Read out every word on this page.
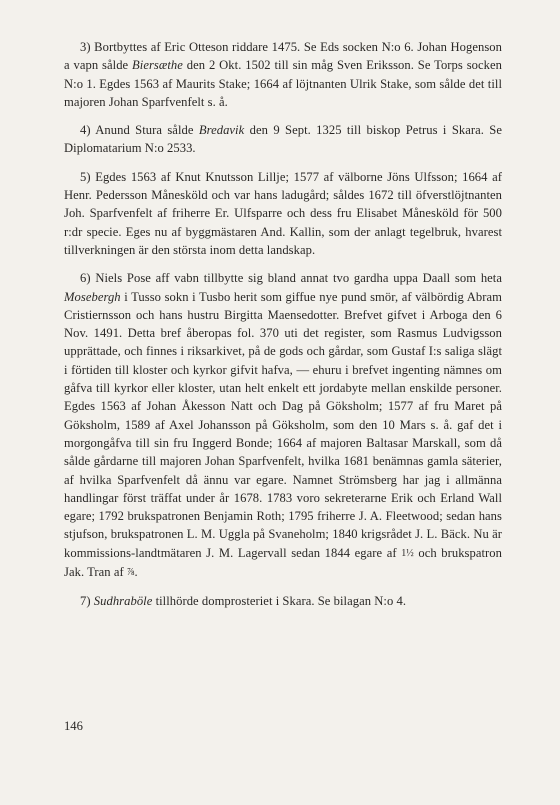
3) Bortbyttes af Eric Otteson riddare 1475. Se Eds socken N:o 6. Johan Hogenson a vapn sålde Biersæthe den 2 Okt. 1502 till sin måg Sven Eriksson. Se Torps socken N:o 1. Egdes 1563 af Maurits Stake; 1664 af löjtnanten Ulrik Stake, som sålde det till majoren Johan Sparfvenfelt s. å.

4) Anund Stura sålde Bredavik den 9 Sept. 1325 till biskop Petrus i Skara. Se Diplomatarium N:o 2533.

5) Egdes 1563 af Knut Knutsson Lillje; 1577 af välborne Jöns Ulfsson; 1664 af Henr. Pedersson Månesköld och var hans ladugård; såldes 1672 till öfverstlöjtnanten Joh. Sparfvenfelt af friherre Er. Ulfsparre och dess fru Elisabet Månesköld för 500 r:dr specie. Eges nu af byggmästaren And. Kallin, som der anlagt tegelbruk, hvarest tillverkningen är den största inom detta landskap.

6) Niels Pose aff vabn tillbytte sig bland annat tvo gardha uppa Daall som heta Mosebergh i Tusso sokn i Tusbo herit som giffue nye pund smör, af välbördig Abram Cristiernsson och hans hustru Birgitta Maensedotter. Brefvet gifvet i Arboga den 6 Nov. 1491. Detta bref åberopas fol. 370 uti det register, som Rasmus Ludvigsson upprättade, och finnes i riksarkivet, på de gods och gårdar, som Gustaf I:s saliga slägt i förtiden till kloster och kyrkor gifvit hafva, — ehuru i brefvet ingenting nämnes om gåfva till kyrkor eller kloster, utan helt enkelt ett jordabyte mellan enskilde personer. Egdes 1563 af Johan Åkesson Natt och Dag på Göksholm; 1577 af fru Maret på Göksholm, 1589 af Axel Johansson på Göksholm, som den 10 Mars s. å. gaf det i morgongåfva till sin fru Inggerd Bonde; 1664 af majoren Baltasar Marskall, som då sålde gårdarne till majoren Johan Sparfvenfelt, hvilka 1681 benämnas gamla säterier, af hvilka Sparfvenfelt då ännu var egare. Namnet Strömsberg har jag i allmänna handlingar först träffat under år 1678. 1783 voro sekreterarne Erik och Erland Wall egare; 1792 brukspatronen Benjamin Roth; 1795 friherre J. A. Fleetwood; sedan hans stjufson, brukspatronen L. M. Uggla på Svaneholm; 1840 krigsrådet J. L. Bäck. Nu är kommissions-landtmätaren J. M. Lagervall sedan 1844 egare af 1½ och brukspatron Jak. Tran af ⅞.

7) Sudhraböle tillhörde domprosteriet i Skara. Se bilagan N:o 4.

146
